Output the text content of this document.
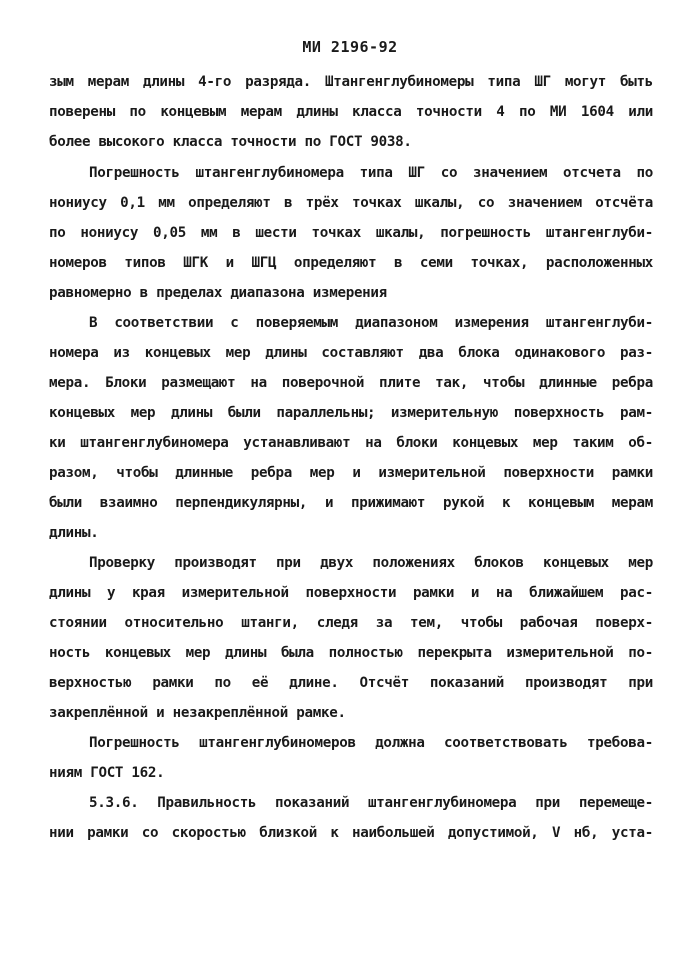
МИ 2196-92
зым мерам длины 4-го разряда. Штангенглубиномеры типа ШГ могут быть
поверены по концевым мерам длины класса точности 4 по МИ 1604 или
более высокого класса точности по ГОСТ 9038.
Погрешность штангенглубиномера типа ШГ со значением отсчета по
нониусу 0,1 мм определяют в трёх точках шкалы, со значением отсчёта
по нониусу 0,05 мм в шести точках шкалы, погрешность штангенглуби-
номеров типов ШГК и ШГЦ определяют в семи точках, расположенных
равномерно в пределах диапазона измерения
В соответствии с поверяемым диапазоном измерения штангенглуби-
номера из концевых мер длины составляют два блока одинакового раз-
мера. Блоки размещают на поверочной плите так, чтобы длинные ребра
концевых мер длины были параллельны; измерительную поверхность рам-
ки штангенглубиномера устанавливают на блоки концевых мер таким об-
разом, чтобы длинные ребра мер и измерительной поверхности рамки
были взаимно перпендикулярны, и прижимают рукой к концевым мерам
длины.
Проверку производят при двух положениях блоков концевых мер
длины у края измерительной поверхности рамки и на ближайшем рас-
стоянии относительно штанги, следя за тем, чтобы рабочая поверх-
ность концевых мер длины была полностью перекрыта измерительной по-
верхностью рамки по её длине. Отсчёт показаний производят при
закреплённой и незакреплённой рамке.
Погрешность штангенглубиномеров должна соответствовать требова-
ниям ГОСТ 162.
5.3.6. Правильность показаний штангенглубиномера при перемеще-
нии рамки со скоростью близкой к наибольшей допустимой, V нб, уста-
